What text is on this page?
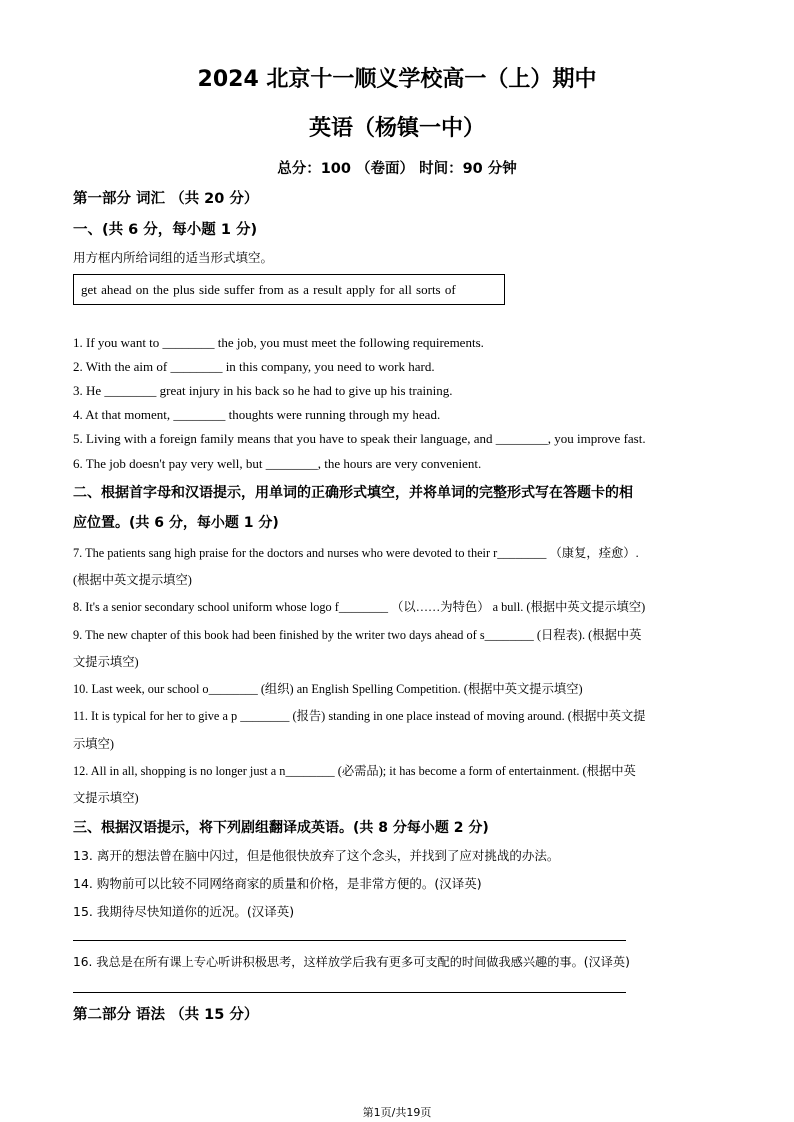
2024 北京十一顺义学校高一（上）期中
英语（杨镇一中）
总分：100 （卷面） 时间：90 分钟
第一部分 词汇 （共 20 分）
一、(共 6 分，每小题 1 分)
用方框内所给词组的适当形式填空。
get ahead on the plus side suffer from as a result apply for all sorts of
1. If you want to ________ the job, you must meet the following requirements.
2. With the aim of ________ in this company, you need to work hard.
3. He ________ great injury in his back so he had to give up his training.
4. At that moment, ________ thoughts were running through my head.
5. Living with a foreign family means that you have to speak their language, and ________, you improve fast.
6. The job doesn't pay very well, but ________, the hours are very convenient.
二、根据首字母和汉语提示，用单词的正确形式填空，并将单词的完整形式写在答题卡的相
应位置。(共 6 分，每小题 1 分)
7. The patients sang high praise for the doctors and nurses who were devoted to their r________ （康复，痊愈）.
(根据中英文提示填空)
8. It's a senior secondary school uniform whose logo f________ （以……为特色） a bull. (根据中英文提示填空)
9. The new chapter of this book had been finished by the writer two days ahead of s________ (日程表). (根据中英
文提示填空)
10. Last week, our school o________ (组织) an English Spelling Competition. (根据中英文提示填空)
11. It is typical for her to give a p ________ (报告) standing in one place instead of moving around. (根据中英文提
示填空)
12. All in all, shopping is no longer just a n________ (必需品); it has become a form of entertainment. (根据中英
文提示填空)
三、根据汉语提示，将下列剧组翻译成英语。(共 8 分每小题 2 分)
13. 离开的想法曾在脑中闪过，但是他很快放弃了这个念头，并找到了应对挑战的办法。
14. 购物前可以比较不同网络商家的质量和价格，是非常方便的。(汉译英)
15. 我期待尽快知道你的近况。(汉译英)
16. 我总是在所有课上专心听讲积极思考，这样放学后我有更多可支配的时间做我感兴趣的事。(汉译英)
第二部分 语法 （共 15 分）
第1页/共19页
